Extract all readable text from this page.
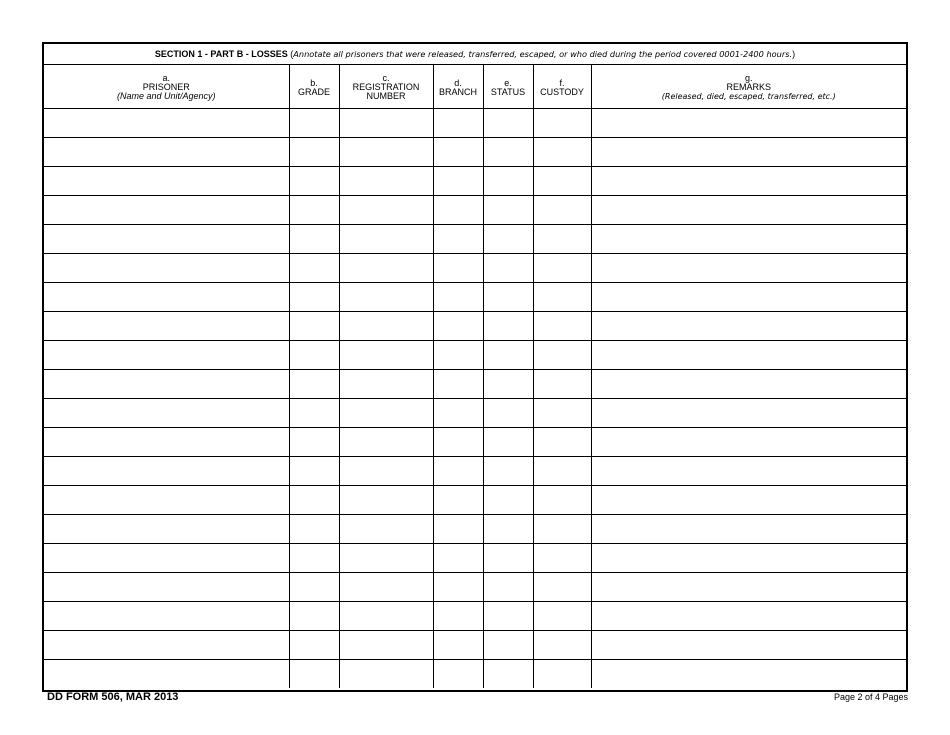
SECTION 1 - PART B - LOSSES (Annotate all prisoners that were released, transferred, escaped, or who died during the period covered 0001-2400 hours.)
a.
PRISONER
(Name and Unit/Agency)	b.
GRADE	c.
REGISTRATION
NUMBER	d.
BRANCH	e.
STATUS	f.
CUSTODY	g.
REMARKS
(Released, died, escaped, transferred, etc.)

DD FORM 506, MAR 2013	Page 2 of 4 Pages
